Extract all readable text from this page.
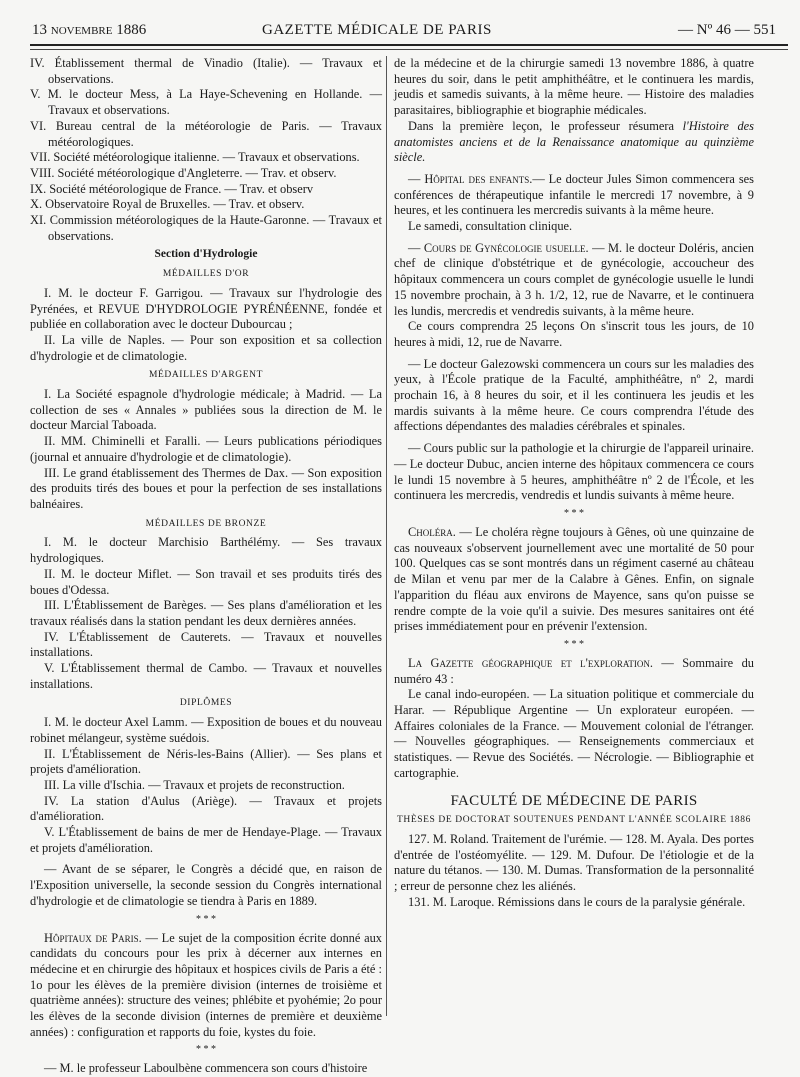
13 novembre 1886	GAZETTE MÉDICALE DE PARIS	— Nº 46 — 551

IV. Établissement thermal de Vinadio (Italie). — Travaux et observations.

V. M. le docteur Mess, à La Haye-Schevening en Hollande. — Travaux et observations.

VI. Bureau central de la météorologie de Paris. — Travaux météorologiques.

VII. Société météorologique italienne. — Travaux et observations.

VIII. Société météorologique d'Angleterre. — Trav. et observ.

IX. Société météorologique de France. — Trav. et observ

X. Observatoire Royal de Bruxelles. — Trav. et observ.

XI. Commission météorologiques de la Haute-Garonne. — Travaux et observations.

Section d'Hydrologie
MÉDAILLES D'OR

I. M. le docteur F. Garrigou. — Travaux sur l'hydrologie des Pyrénées, et REVUE D'HYDROLOGIE PYRÉNÉENNE, fondée et publiée en collaboration avec le docteur Dubourcau ;

II. La ville de Naples. — Pour son exposition et sa collection d'hydrologie et de climatologie.

MÉDAILLES D'ARGENT

I. La Société espagnole d'hydrologie médicale; à Madrid. — La collection de ses « Annales » publiées sous la direction de M. le docteur Marcial Taboada.

II. MM. Chiminelli et Faralli. — Leurs publications périodiques (journal et annuaire d'hydrologie et de climatologie).

III. Le grand établissement des Thermes de Dax. — Son exposition des produits tirés des boues et pour la perfection de ses installations balnéaires.

MÉDAILLES DE BRONZE

I. M. le docteur Marchisio Barthélémy. — Ses travaux hydrologiques.

II. M. le docteur Miflet. — Son travail et ses produits tirés des boues d'Odessa.

III. L'Établissement de Barèges. — Ses plans d'amélioration et les travaux réalisés dans la station pendant les deux dernières années.

IV. L'Établissement de Cauterets. — Travaux et nouvelles installations.

V. L'Établissement thermal de Cambo. — Travaux et nouvelles installations.

DIPLÔMES

I. M. le docteur Axel Lamm. — Exposition de boues et du nouveau robinet mélangeur, système suédois.

II. L'Établissement de Néris-les-Bains (Allier). — Ses plans et projets d'amélioration.

III. La ville d'Ischia. — Travaux et projets de reconstruction.

IV. La station d'Aulus (Ariège). — Travaux et projets d'amélioration.

V. L'Établissement de bains de mer de Hendaye-Plage. — Travaux et projets d'amélioration.

— Avant de se séparer, le Congrès a décidé que, en raison de l'Exposition universelle, la seconde session du Congrès international d'hydrologie et de climatologie se tiendra à Paris en 1889.

* * *

Hôpitaux de Paris. — Le sujet de la composition écrite donné aux candidats du concours pour les prix à décerner aux internes en médecine et en chirurgie des hôpitaux et hospices civils de Paris a été : 1o pour les élèves de la première division (internes de troisième et quatrième années): structure des veines; phlébite et pyohémie; 2o pour les élèves de la seconde division (internes de première et deuxième années) : configuration et rapports du foie, kystes du foie.

* * *

— M. le professeur Laboulbène commencera son cours d'histoire

de la médecine et de la chirurgie samedi 13 novembre 1886, à quatre heures du soir, dans le petit amphithéâtre, et le continuera les mardis, jeudis et samedis suivants, à la même heure. — Histoire des maladies parasitaires, bibliographie et biographie médicales.

Dans la première leçon, le professeur résumera l'Histoire des anatomistes anciens et de la Renaissance anatomique au quinzième siècle.

— Hôpital des enfants.— Le docteur Jules Simon commencera ses conférences de thérapeutique infantile le mercredi 17 novembre, à 9 heures, et les continuera les mercredis suivants à la même heure.

Le samedi, consultation clinique.

— Cours de Gynécologie usuelle. — M. le docteur Doléris, ancien chef de clinique d'obstétrique et de gynécologie, accoucheur des hôpitaux commencera un cours complet de gynécologie usuelle le lundi 15 novembre prochain, à 3 h. 1/2, 12, rue de Navarre, et le continuera les lundis, mercredis et vendredis suivants, à la même heure.

Ce cours comprendra 25 leçons On s'inscrit tous les jours, de 10 heures à midi, 12, rue de Navarre.

— Le docteur Galezowski commencera un cours sur les maladies des yeux, à l'École pratique de la Faculté, amphithéâtre, nº 2, mardi prochain 16, à 8 heures du soir, et il les continuera les jeudis et les mardis suivants à la même heure. Ce cours comprendra l'étude des affections dépendantes des maladies cérébrales et spinales.

— Cours public sur la pathologie et la chirurgie de l'appareil urinaire. — Le docteur Dubuc, ancien interne des hôpitaux commencera ce cours le lundi 15 novembre à 5 heures, amphithéâtre nº 2 de l'École, et les continuera les mercredis, vendredis et lundis suivants à même heure.

* * *

Choléra. — Le choléra règne toujours à Gênes, où une quinzaine de cas nouveaux s'observent journellement avec une mortalité de 50 pour 100. Quelques cas se sont montrés dans un régiment caserné au château de Milan et venu par mer de la Calabre à Gênes. Enfin, on signale l'apparition du fléau aux environs de Mayence, sans qu'on puisse se rendre compte de la voie qu'il a suivie. Des mesures sanitaires ont été prises immédiatement pour en prévenir l'extension.

* * *

La Gazette géographique et l'exploration. — Sommaire du numéro 43 :

Le canal indo-européen. — La situation politique et commerciale du Harar. — République Argentine — Un explorateur européen. — Affaires coloniales de la France. — Mouvement colonial de l'étranger. — Nouvelles géographiques. — Renseignements commerciaux et statistiques. — Revue des Sociétés. — Nécrologie. — Bibliographie et cartographie.

FACULTÉ DE MÉDECINE DE PARIS
THÈSES DE DOCTORAT SOUTENUES PENDANT L'ANNÉE SCOLAIRE 1886

127. M. Roland. Traitement de l'urémie. — 128. M. Ayala. Des portes d'entrée de l'ostéomyélite. — 129. M. Dufour. De l'étiologie et de la nature du tétanos. — 130. M. Dumas. Transformation de la personnalité ; erreur de personne chez les aliénés.

131. M. Laroque. Rémissions dans le cours de la paralysie générale.
